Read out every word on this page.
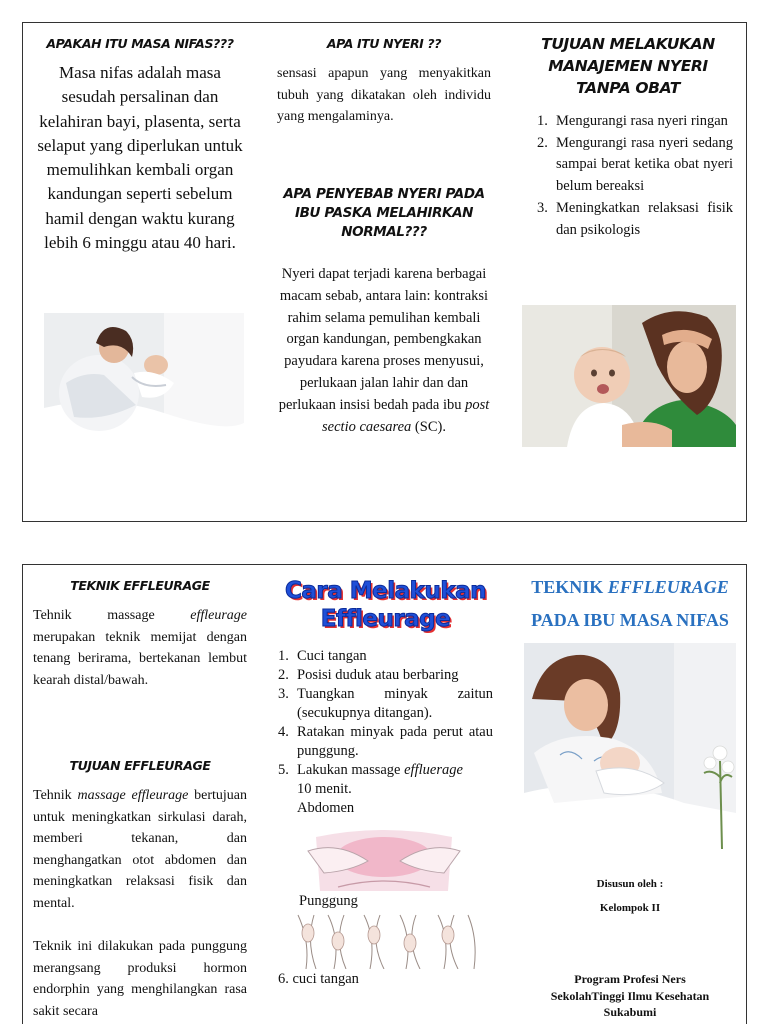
APAKAH ITU MASA NIFAS???
Masa nifas adalah masa sesudah persalinan dan kelahiran bayi, plasenta, serta selaput yang diperlukan untuk memulihkan kembali organ kandungan seperti sebelum hamil dengan waktu kurang lebih 6 minggu atau 40 hari.
APA ITU NYERI ??
sensasi apapun yang menyakitkan tubuh yang dikatakan oleh individu yang mengalaminya.
APA PENYEBAB NYERI PADA IBU PASKA MELAHIRKAN NORMAL???
Nyeri dapat terjadi karena berbagai macam sebab, antara lain: kontraksi rahim selama pemulihan kembali organ kandungan, pembengkakan payudara karena proses menyusui, perlukaan jalan lahir dan dan perlukaan insisi bedah pada ibu post sectio caesarea (SC).
TUJUAN MELAKUKAN MANAJEMEN NYERI TANPA OBAT
1. Mengurangi rasa nyeri ringan
2. Mengurangi rasa nyeri sedang sampai berat ketika obat nyeri belum bereaksi
3. Meningkatkan relaksasi fisik dan psikologis
TEKNIK EFFLEURAGE
Tehnik massage	effleurage merupakan teknik memijat dengan tenang berirama, bertekanan lembut kearah distal/bawah.
TUJUAN EFFLEURAGE
Tehnik massage effleurage bertujuan untuk meningkatkan sirkulasi darah, memberi tekanan, dan menghangatkan otot abdomen dan meningkatkan relaksasi fisik dan mental.
Teknik ini dilakukan pada punggung merangsang produksi hormon endorphin yang menghilangkan rasa sakit secara
Cara Melakukan
Effleurage
1. Cuci tangan
2. Posisi duduk atau berbaring
3. Tuangkan minyak zaitun (secukupnya ditangan).
4. Ratakan minyak pada perut atau punggung.
5. Lakukan massage effluerage
10 menit.
Abdomen
Punggung
6. cuci tangan
TEKNIK EFFLEURAGE
PADA IBU MASA NIFAS
Disusun oleh :
Kelompok II
Program Profesi Ners
SekolahTinggi Ilmu Kesehatan
Sukabumi
